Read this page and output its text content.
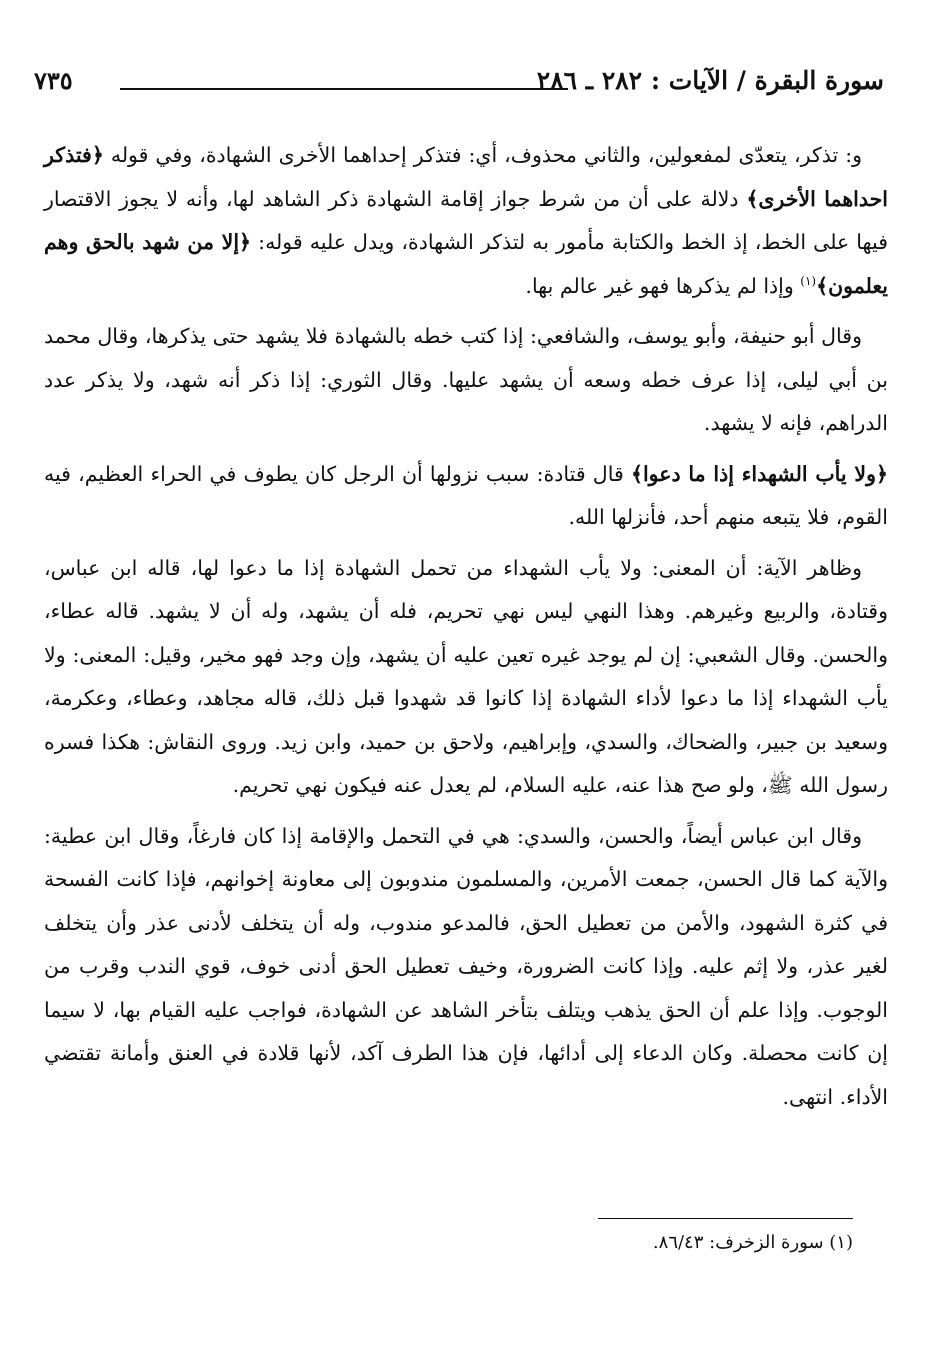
سورة البقرة / الآيات : ٢٨٢ ـ ٢٨٦
٧٣٥

و: تذكر، يتعدّى لمفعولين، والثاني محذوف، أي: فتذكر إحداهما الأخرى الشهادة، وفي قوله ﴿فتذكر احداهما الأخرى﴾ دلالة على أن من شرط جواز إقامة الشهادة ذكر الشاهد لها، وأنه لا يجوز الاقتصار فيها على الخط، إذ الخط والكتابة مأمور به لتذكر الشهادة، ويدل عليه قوله: ﴿إلا من شهد بالحق وهم يعلمون﴾$^{(١)}$ وإذا لم يذكرها فهو غير عالم بها.

وقال أبو حنيفة، وأبو يوسف، والشافعي: إذا كتب خطه بالشهادة فلا يشهد حتى يذكرها، وقال محمد بن أبي ليلى، إذا عرف خطه وسعه أن يشهد عليها. وقال الثوري: إذا ذكر أنه شهد، ولا يذكر عدد الدراهم، فإنه لا يشهد.

﴿ولا يأب الشهداء إذا ما دعوا﴾ قال قتادة: سبب نزولها أن الرجل كان يطوف في الحراء العظيم، فيه القوم، فلا يتبعه منهم أحد، فأنزلها الله.

وظاهر الآية: أن المعنى: ولا يأب الشهداء من تحمل الشهادة إذا ما دعوا لها، قاله ابن عباس، وقتادة، والربيع وغيرهم. وهذا النهي ليس نهي تحريم، فله أن يشهد، وله أن لا يشهد. قاله عطاء، والحسن. وقال الشعبي: إن لم يوجد غيره تعين عليه أن يشهد، وإن وجد فهو مخير، وقيل: المعنى: ولا يأب الشهداء إذا ما دعوا لأداء الشهادة إذا كانوا قد شهدوا قبل ذلك، قاله مجاهد، وعطاء، وعكرمة، وسعيد بن جبير، والضحاك، والسدي، وإبراهيم، ولاحق بن حميد، وابن زيد. وروى النقاش: هكذا فسره رسول الله ﷺ، ولو صح هذا عنه، عليه السلام، لم يعدل عنه فيكون نهي تحريم.

وقال ابن عباس أيضاً، والحسن، والسدي: هي في التحمل والإقامة إذا كان فارغاً، وقال ابن عطية: والآية كما قال الحسن، جمعت الأمرين، والمسلمون مندوبون إلى معاونة إخوانهم، فإذا كانت الفسحة في كثرة الشهود، والأمن من تعطيل الحق، فالمدعو مندوب، وله أن يتخلف لأدنى عذر وأن يتخلف لغير عذر، ولا إثم عليه. وإذا كانت الضرورة، وخيف تعطيل الحق أدنى خوف، قوي الندب وقرب من الوجوب. وإذا علم أن الحق يذهب ويتلف بتأخر الشاهد عن الشهادة، فواجب عليه القيام بها، لا سيما إن كانت محصلة. وكان الدعاء إلى أدائها، فإن هذا الطرف آكد، لأنها قلادة في العنق وأمانة تقتضي الأداء. انتهى.

(١) سورة الزخرف: ٨٦/٤٣.
